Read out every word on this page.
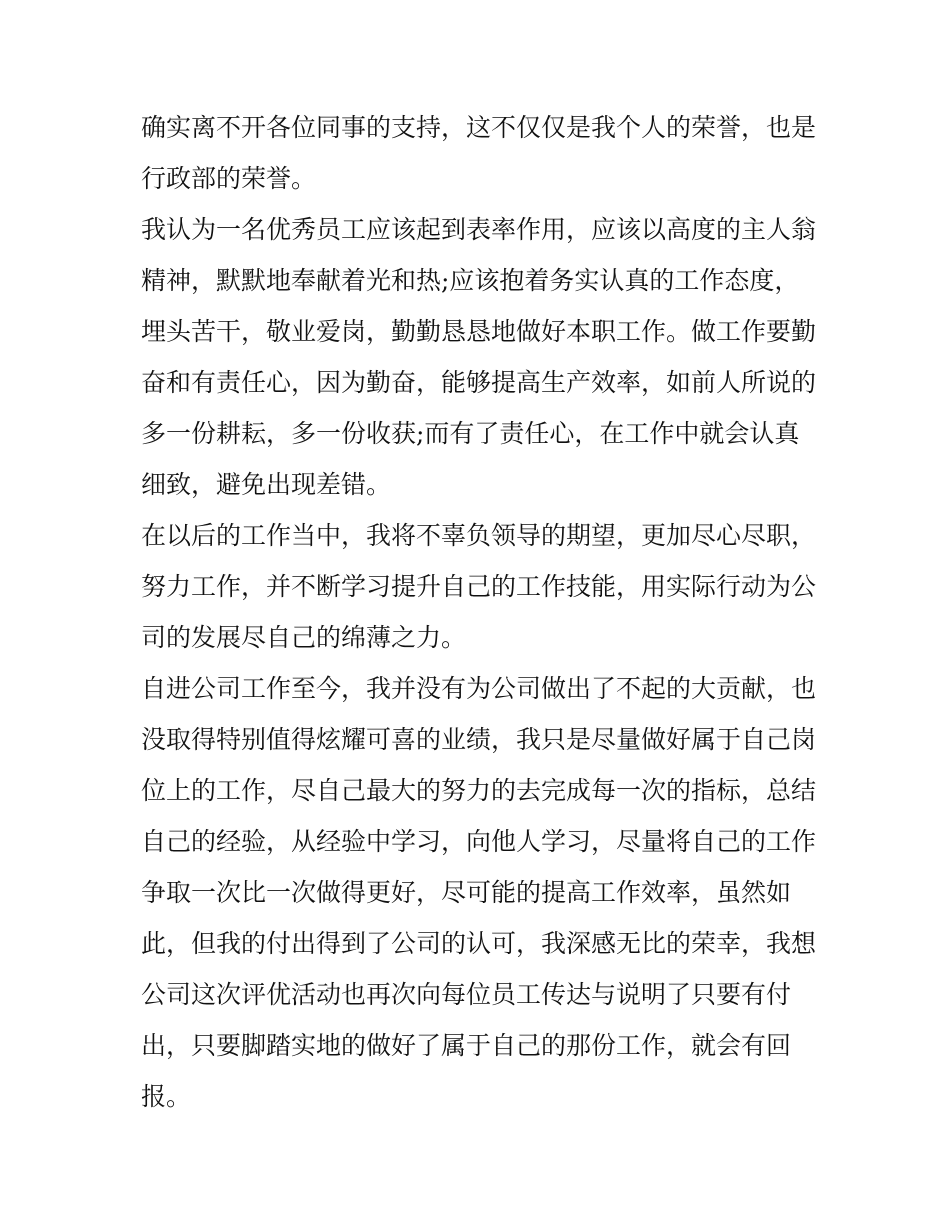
确实离不开各位同事的支持，这不仅仅是我个人的荣誉，也是
行政部的荣誉。
我认为一名优秀员工应该起到表率作用，应该以高度的主人翁
精神，默默地奉献着光和热;应该抱着务实认真的工作态度，
埋头苦干，敬业爱岗，勤勤恳恳地做好本职工作。做工作要勤
奋和有责任心，因为勤奋，能够提高生产效率，如前人所说的
多一份耕耘，多一份收获;而有了责任心，在工作中就会认真
细致，避免出现差错。
在以后的工作当中，我将不辜负领导的期望，更加尽心尽职，
努力工作，并不断学习提升自己的工作技能，用实际行动为公
司的发展尽自己的绵薄之力。
自进公司工作至今，我并没有为公司做出了不起的大贡献，也
没取得特别值得炫耀可喜的业绩，我只是尽量做好属于自己岗
位上的工作，尽自己最大的努力的去完成每一次的指标，总结
自己的经验，从经验中学习，向他人学习，尽量将自己的工作
争取一次比一次做得更好，尽可能的提高工作效率，虽然如
此，但我的付出得到了公司的认可，我深感无比的荣幸，我想
公司这次评优活动也再次向每位员工传达与说明了只要有付
出，只要脚踏实地的做好了属于自己的那份工作，就会有回
报。
